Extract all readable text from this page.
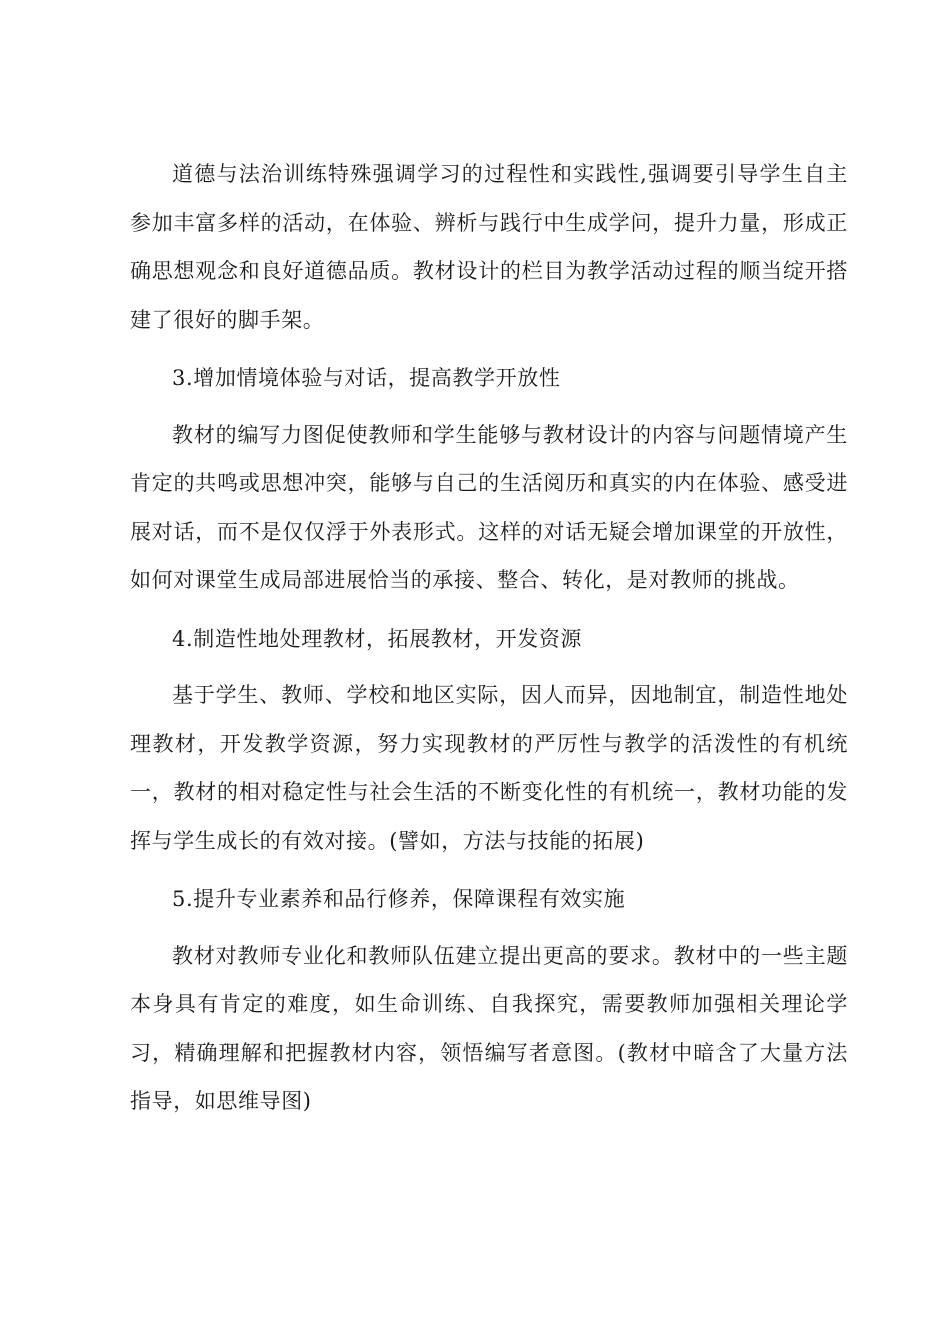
道德与法治训练特殊强调学习的过程性和实践性,强调要引导学生自主参加丰富多样的活动，在体验、辨析与践行中生成学问，提升力量，形成正确思想观念和良好道德品质。教材设计的栏目为教学活动过程的顺当绽开搭建了很好的脚手架。

3.增加情境体验与对话，提高教学开放性

教材的编写力图促使教师和学生能够与教材设计的内容与问题情境产生肯定的共鸣或思想冲突，能够与自己的生活阅历和真实的内在体验、感受进展对话，而不是仅仅浮于外表形式。这样的对话无疑会增加课堂的开放性，如何对课堂生成局部进展恰当的承接、整合、转化，是对教师的挑战。

4.制造性地处理教材，拓展教材，开发资源

基于学生、教师、学校和地区实际，因人而异，因地制宜，制造性地处理教材，开发教学资源，努力实现教材的严厉性与教学的活泼性的有机统一，教材的相对稳定性与社会生活的不断变化性的有机统一，教材功能的发挥与学生成长的有效对接。(譬如，方法与技能的拓展)

5.提升专业素养和品行修养，保障课程有效实施

教材对教师专业化和教师队伍建立提出更高的要求。教材中的一些主题本身具有肯定的难度，如生命训练、自我探究，需要教师加强相关理论学习，精确理解和把握教材内容，领悟编写者意图。(教材中暗含了大量方法指导，如思维导图)
